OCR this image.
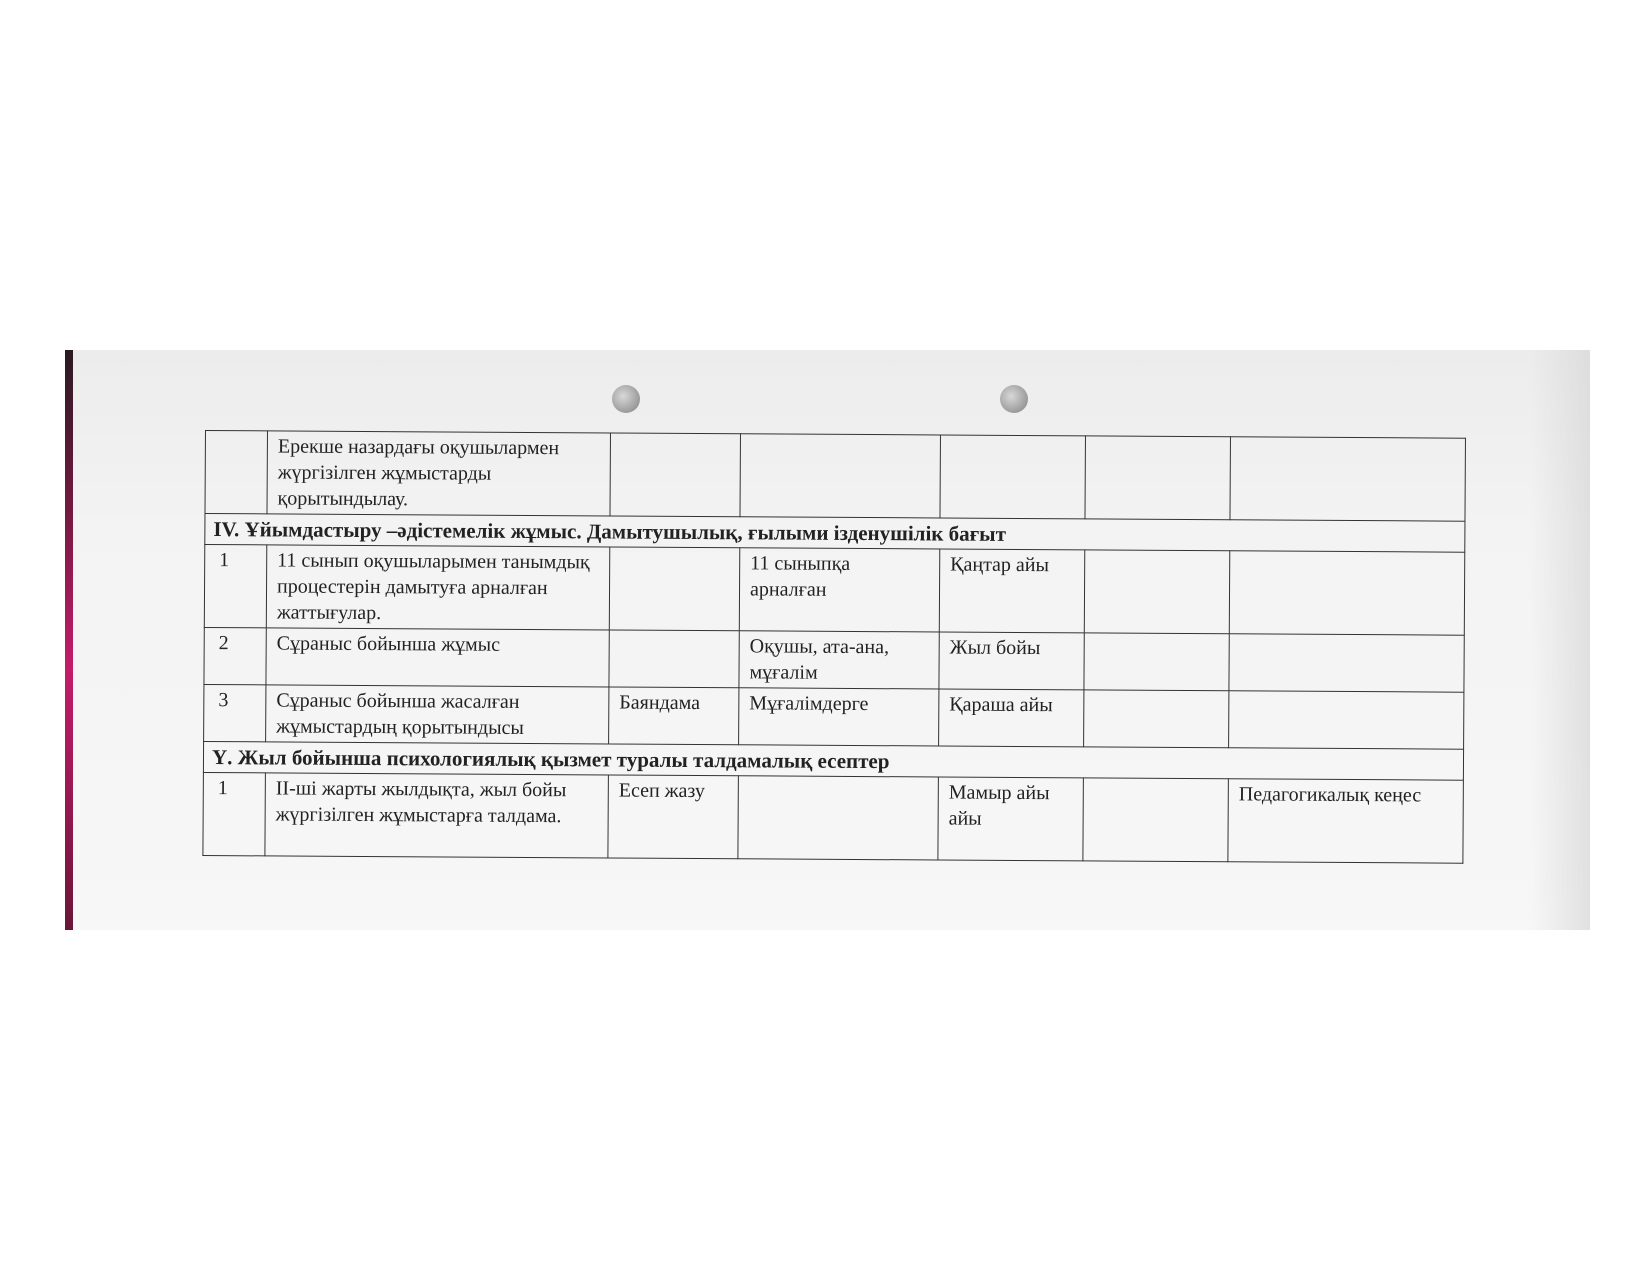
	Ерекше назардағы оқушылармен жүргізілген жұмыстарды қорытындылау.					
IV. Ұйымдастыру –әдістемелік жұмыс. Дамытушылық, ғылыми ізденушілік бағыт						
1	11 сынып оқушыларымен танымдық процестерін дамытуға арналған жаттығулар.		11 сыныпқа арналған	Қаңтар айы		
2	Сұраныс бойынша жұмыс		Оқушы, ата-ана, мұғалім	Жыл бойы		
3	Сұраныс бойынша жасалған жұмыстардың қорытындысы	Баяндама	Мұғалімдерге	Қараша айы		
Ү. Жыл бойынша психологиялық қызмет туралы талдамалық есептер						
1	ІІ-ші жарты жылдықта, жыл бойы жүргізілген жұмыстарға талдама.	Есеп жазу		Мамыр айы айы		Педагогикалық кеңес
